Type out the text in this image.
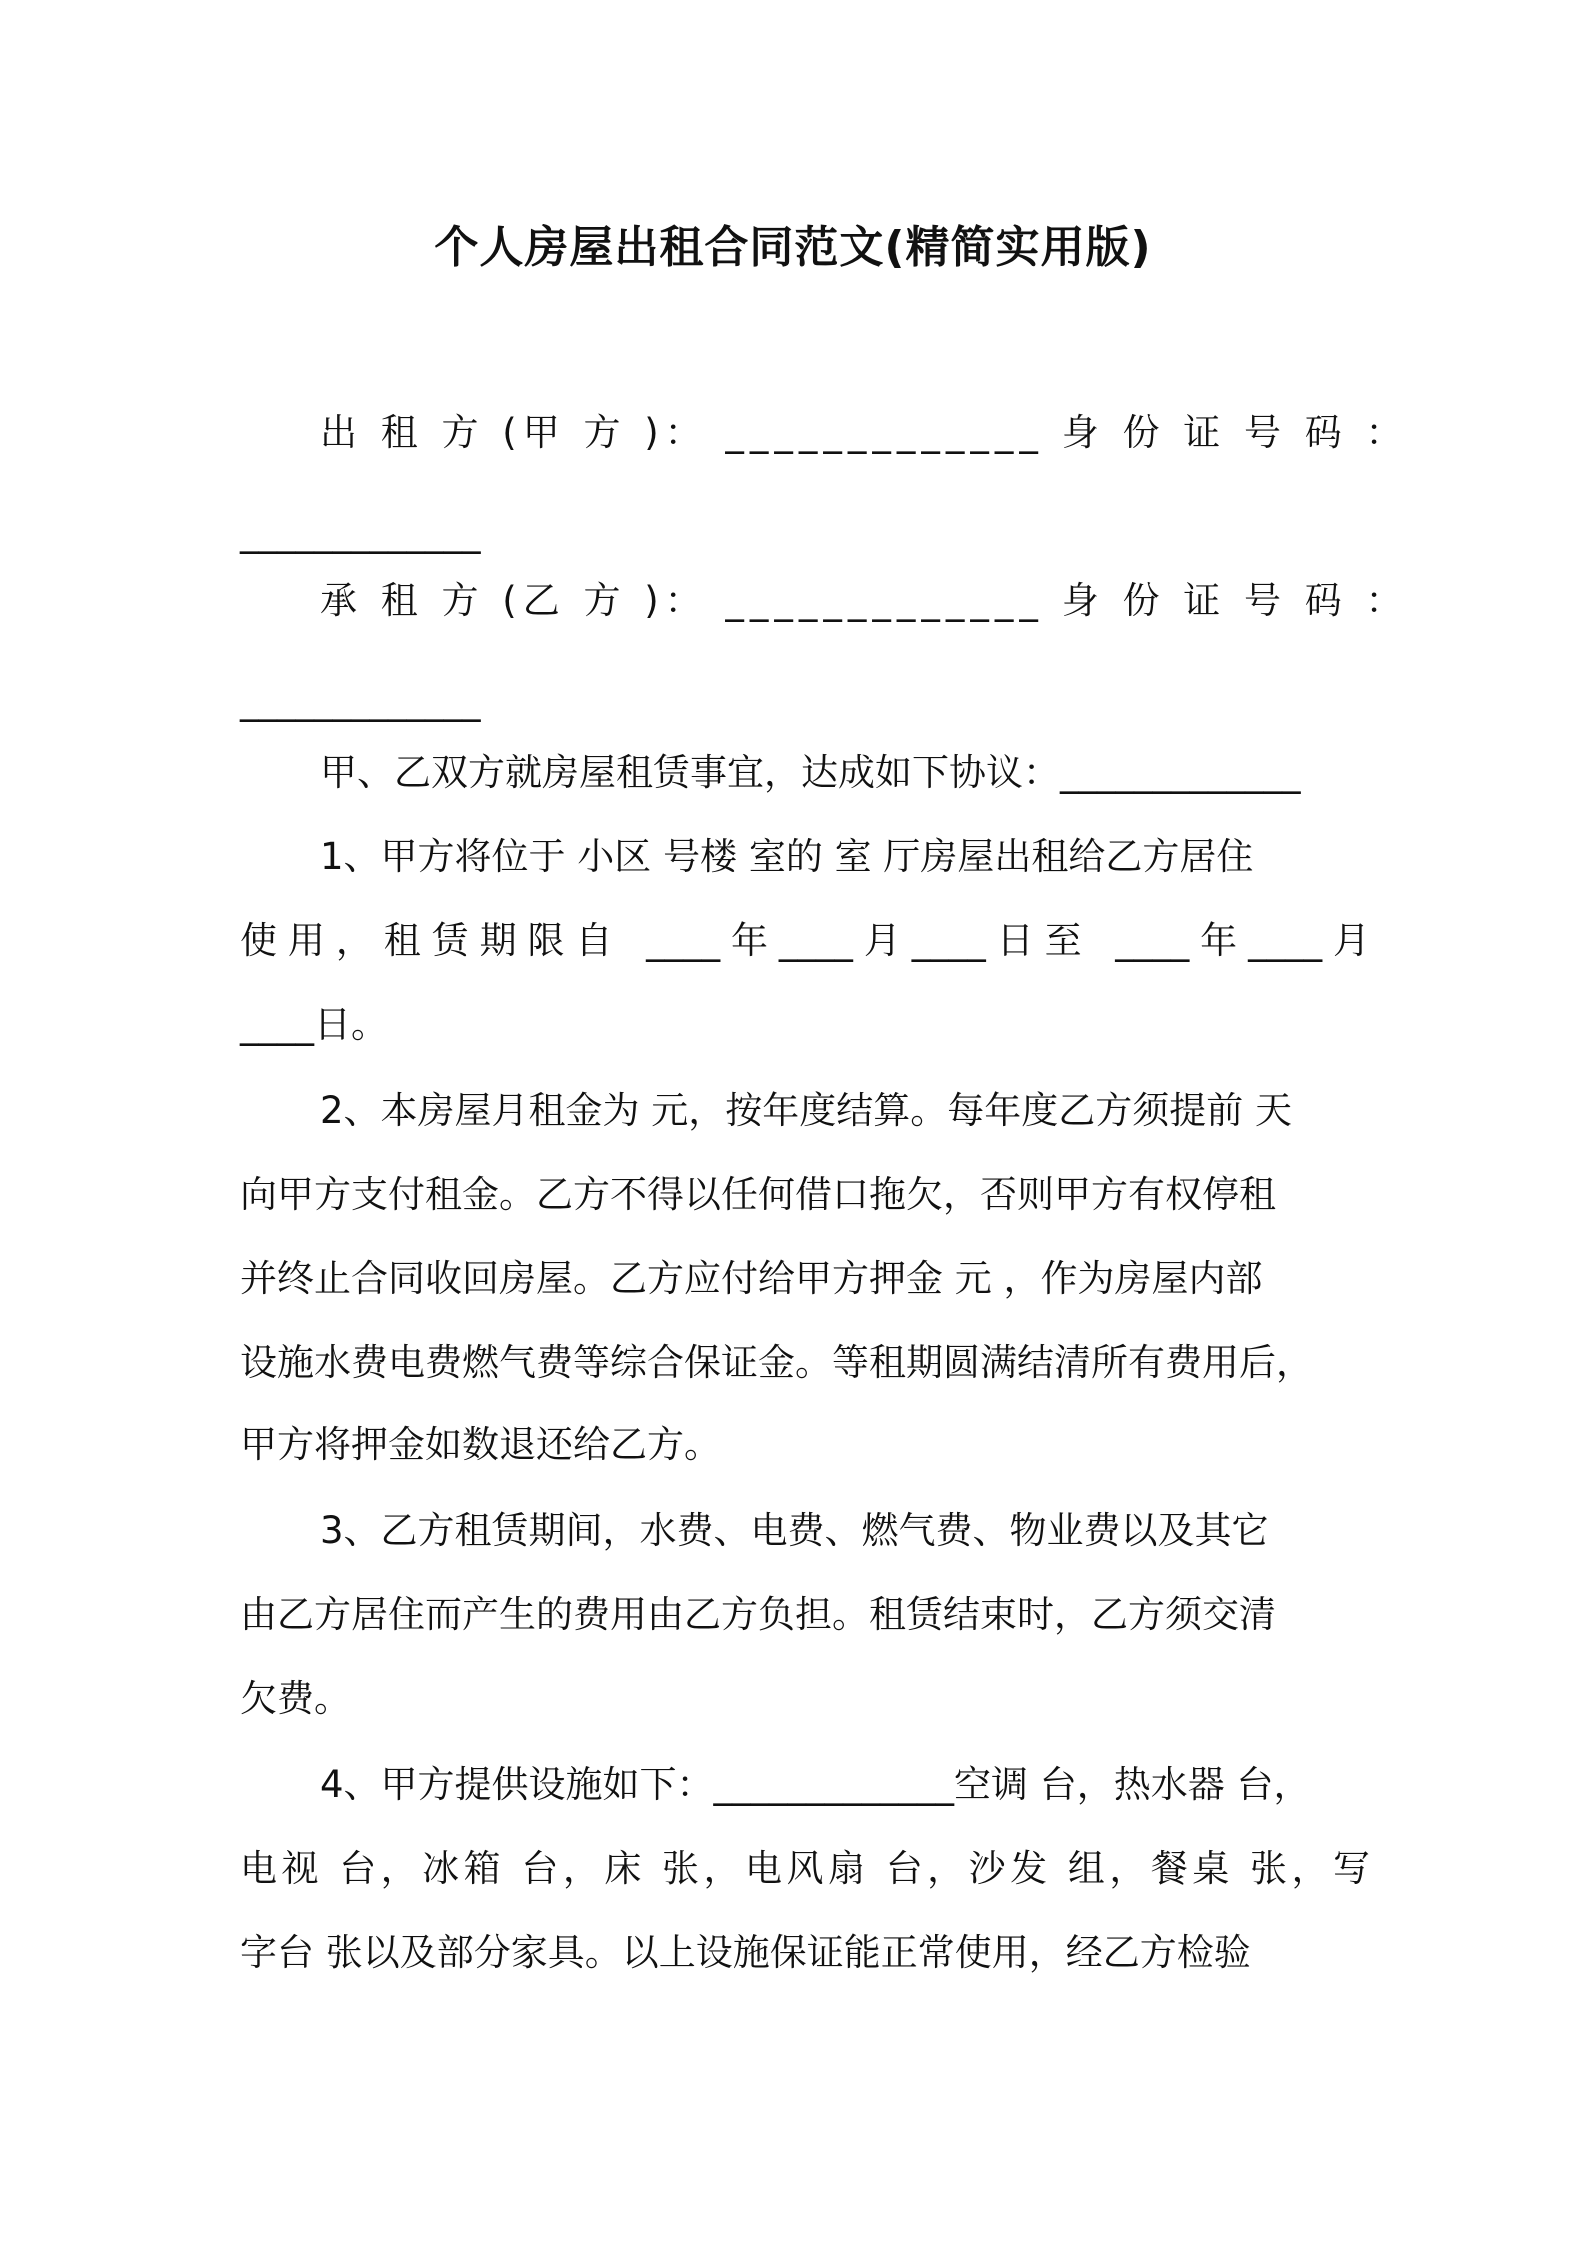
个人房屋出租合同范文(精简实用版)
出 租 方 (甲 方 )： _____________ 身 份 证 号 码 ：
_____________
承 租 方 (乙 方 )： _____________ 身 份 证 号 码 ：
_____________
甲、乙双方就房屋租赁事宜，达成如下协议：_____________
1、甲方将位于 小区 号楼 室的 室 厅房屋出租给乙方居住
使用，租赁期限自 ____年____月____日至 ____年____月
____日。
2、本房屋月租金为 元，按年度结算。每年度乙方须提前 天
向甲方支付租金。乙方不得以任何借口拖欠，否则甲方有权停租
并终止合同收回房屋。乙方应付给甲方押金 元 ，作为房屋内部
设施水费电费燃气费等综合保证金。等租期圆满结清所有费用后，
甲方将押金如数退还给乙方。
3、乙方租赁期间，水费、电费、燃气费、物业费以及其它
由乙方居住而产生的费用由乙方负担。租赁结束时，乙方须交清
欠费。
4、甲方提供设施如下：_____________空调 台，热水器 台，
电视 台，冰箱 台，床 张，电风扇 台，沙发 组，餐桌 张，写
字台 张以及部分家具。以上设施保证能正常使用，经乙方检验
